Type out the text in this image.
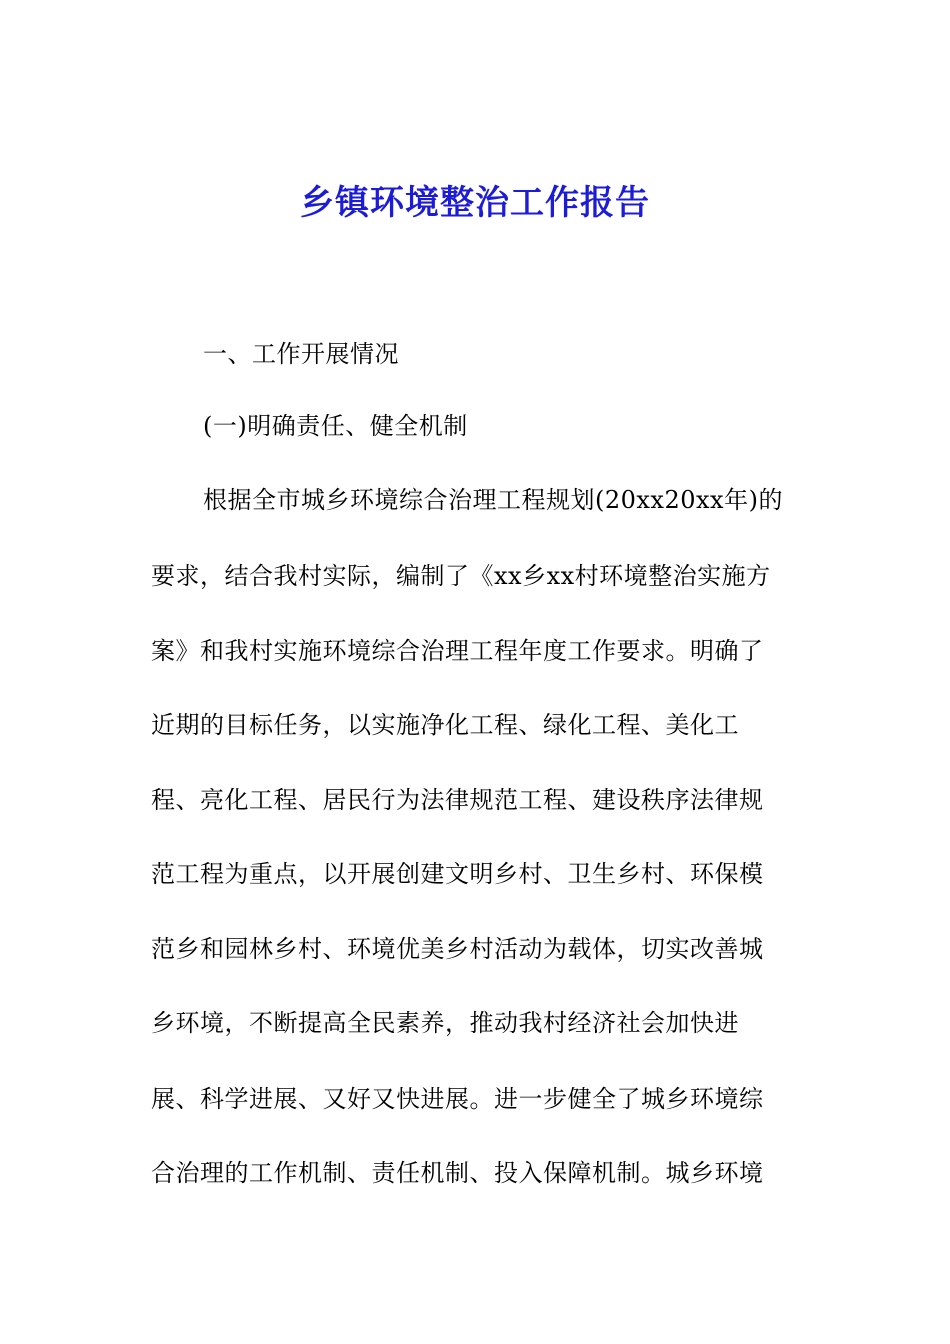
乡镇环境整治工作报告
一、工作开展情况
(一)明确责任、健全机制
根据全市城乡环境综合治理工程规划(20xx20xx年)的
要求，结合我村实际，编制了《xx乡xx村环境整治实施方
案》和我村实施环境综合治理工程年度工作要求。明确了
近期的目标任务，以实施净化工程、绿化工程、美化工
程、亮化工程、居民行为法律规范工程、建设秩序法律规
范工程为重点，以开展创建文明乡村、卫生乡村、环保模
范乡和园林乡村、环境优美乡村活动为载体，切实改善城
乡环境，不断提高全民素养，推动我村经济社会加快进
展、科学进展、又好又快进展。进一步健全了城乡环境综
合治理的工作机制、责任机制、投入保障机制。城乡环境
